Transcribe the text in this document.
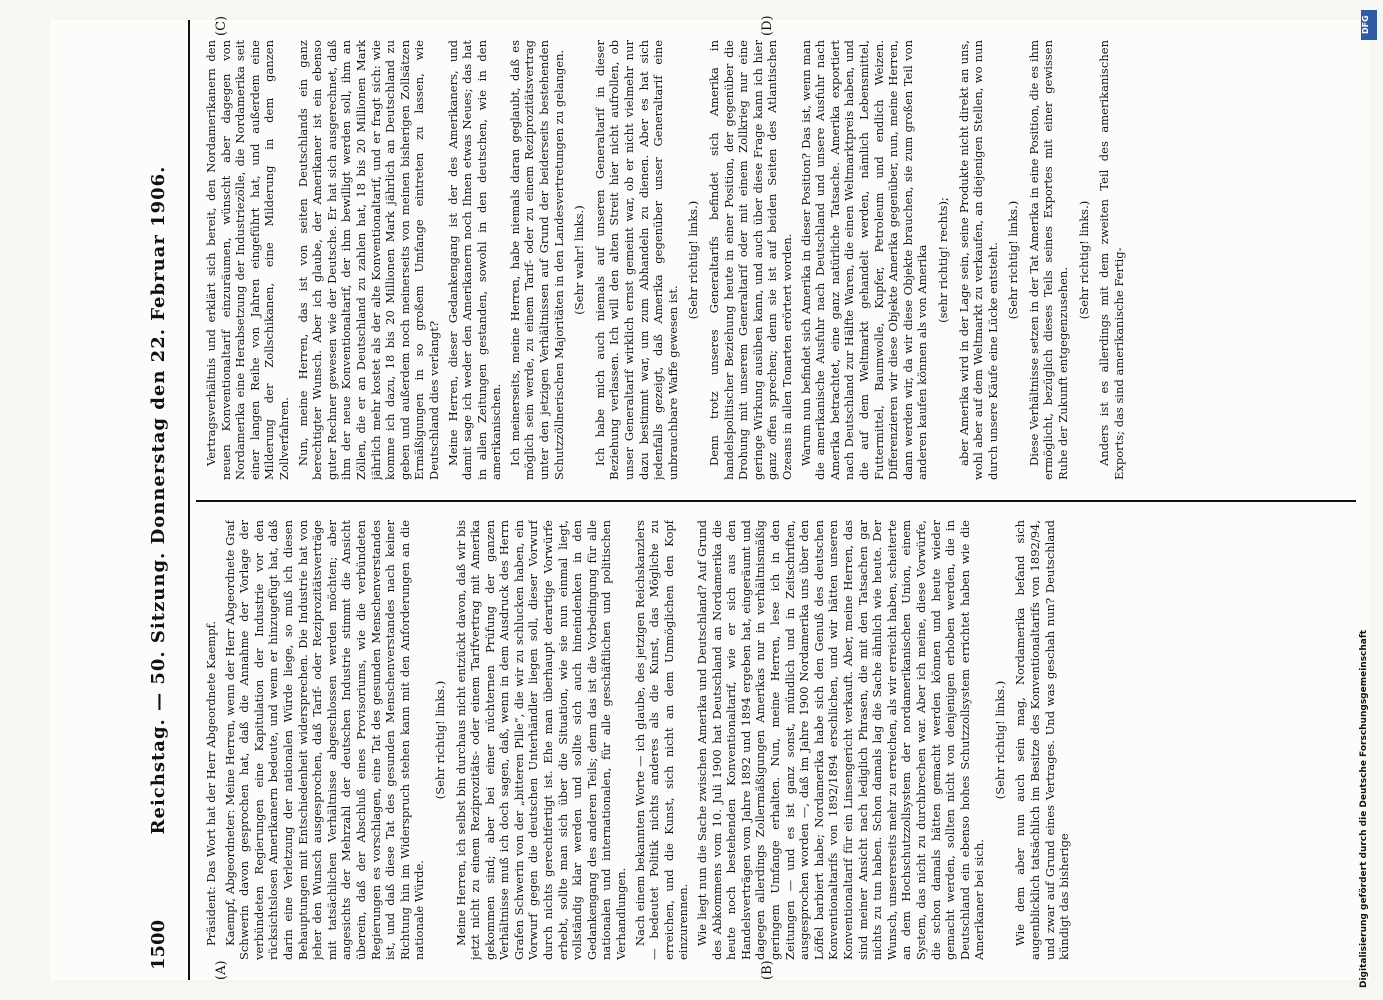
1500
Reichstag. — 50. Sitzung. Donnerstag den 22. Februar 1906.
(A)	(B)
(C)	(D)

Präsident: Das Wort hat der Herr Abgeordnete Kaempf. Kaempf, Abgeordneter: Meine Herren, wenn der Herr Abgeordnete Graf Schwerin davon gesprochen hat, daß die Annahme der Vorlage der verbündeten Regierungen eine Kapitulation der Industrie vor den rücksichtslosen Amerikanern bedeute, und wenn er hinzugefügt hat, daß darin eine Verletzung der nationalen Würde liege, so muß ich diesen Behauptungen mit Entschiedenheit widersprechen. Die Industrie hat von jeher den Wunsch ausgesprochen, daß Tarif- oder Reziprozitätsverträge mit tatsächlichen Verhältnisse abgeschlossen werden möchten; aber angesichts der Mehrzahl der deutschen Industrie stimmt die Ansicht überein, daß der Abschluß eines Provisoriums, wie die verbündeten Regierungen es vorschlagen, eine Tat des gesunden Menschenverstandes ist, und daß diese Tat des gesunden Menschenverstandes nach keiner Richtung hin im Widerspruch stehen kann mit den Anforderungen an die nationale Würde.

(Sehr richtig! links.) Meine Herren, ich selbst bin durchaus nicht entzückt davon, daß wir bis jetzt nicht zu einem Reziprozitäts- oder einem Tarifvertrag mit Amerika gekommen sind; aber bei einer nüchternen Prüfung der ganzen Verhältnisse muß ich doch sagen, daß, wenn in dem Ausdruck des Herrn Grafen Schwerin von der „bitteren Pille“, die wir zu schlucken haben, ein Vorwurf gegen die deutschen Unterhändler liegen soll, dieser Vorwurf durch nichts gerechtfertigt ist. Ehe man überhaupt derartige Vorwürfe erhebt, sollte man sich über die Situation, wie sie nun einmal liegt, vollständig klar werden und sollte sich auch hineindenken in den Gedankengang des anderen Teils; denn das ist die Vorbedingung für alle nationalen und internationalen, für alle geschäftlichen und politischen Verhandlungen. Nach einem bekannten Worte — ich glaube, des jetzigen Reichskanzlers — bedeutet Politik nichts anderes als die Kunst, das Mögliche zu erreichen, und die Kunst, sich nicht an dem Unmöglichen den Kopf einzurennen. Wie liegt nun die Sache zwischen Amerika und Deutschland? Auf Grund des Abkommens vom 10. Juli 1900 hat Deutschland an Nordamerika die heute noch bestehenden Konventionaltarif, wie er sich aus den Handelsverträgen vom Jahre 1892 und 1894 ergeben hat, eingeräumt und dagegen allerdings Zollermäßigungen Amerikas nur in verhältnismäßig geringem Umfange erhalten. Nun, meine Herren, lese ich in den Zeitungen — und es ist ganz sonst, mündlich und in Zeitschriften, ausgesprochen worden —, daß im Jahre 1900 Nordamerika uns über den Löffel barbiert habe; Nordamerika habe sich den Genuß des deutschen Konventionaltarifs von 1892/1894 erschlichen, und wir hätten unseren Konventionaltarif für ein Linsengericht verkauft. Aber, meine Herren, das sind meiner Ansicht nach lediglich Phrasen, die mit den Tatsachen gar nichts zu tun haben. Schon damals lag die Sache ähnlich wie heute. Der Wunsch, unsererseits mehr zu erreichen, als wir erreicht haben, scheiterte an dem Hochschutzzollsystem der nordamerikanischen Union, einem System, das nicht zu durchbrechen war. Aber ich meine, diese Vorwürfe, die schon damals hätten gemacht werden können und heute wieder gemacht werden, sollten nicht von denjenigen erhoben werden, die in Deutschland ein ebenso hohes Schutzzollsystem errichtet haben wie die Amerikaner bei sich.

(Sehr richtig! links.) Wie dem aber nun auch sein mag, Nordamerika befand sich augenblicklich tatsächlich im Besitze des Konventionaltarifs von 1892/94, und zwar auf Grund eines Vertrages. Und was geschah nun? Deutschland kündigt das bisherige

Vertragsverhältnis und erklärt sich bereit, den Nordamerikanern den neuen Konventionaltarif einzuräumen, wünscht aber dagegen von Nordamerika eine Herabsetzung der Industriezölle, die Nordamerika seit einer langen Reihe von Jahren eingeführt hat, und außerdem eine Milderung der Zollschikanen, eine Milderung in dem ganzen Zollverfahren. Nun, meine Herren, das ist von seiten Deutschlands ein ganz berechtigter Wunsch. Aber ich glaube, der Amerikaner ist ein ebenso guter Rechner gewesen wie der Deutsche. Er hat sich ausgerechnet, daß ihm der neue Konventionaltarif, der ihm bewilligt werden soll, ihm an Zöllen, die er an Deutschland zu zahlen hat, 18 bis 20 Millionen Mark jährlich mehr kostet als der alte Konventionaltarif, und er fragt sich: wie komme ich dazu, 18 bis 20 Millionen Mark jährlich an Deutschland zu geben und außerdem noch meinerseits von meinen bisherigen Zollsätzen Ermäßigungen in so großem Umfange eintreten zu lassen, wie Deutschland dies verlangt? Meine Herren, dieser Gedankengang ist der des Amerikaners, und damit sage ich weder den Amerikanern noch Ihnen etwas Neues; das hat in allen Zeitungen gestanden, sowohl in den deutschen, wie in den amerikanischen. Ich meinerseits, meine Herren, habe niemals daran geglaubt, daß es möglich sein werde, zu einem Tarif- oder zu einem Reziprozitätsvertrag unter den jetzigen Verhältnissen auf Grund der beiderseits bestehenden Schutzzöllnerischen Majoritäten in den Landesvertretungen zu gelangen. (Sehr wahr! links.) Ich habe mich auch niemals auf unseren Generaltarif in dieser Beziehung verlassen. Ich will den alten Streit hier nicht aufrollen, ob unser Generaltarif wirklich ernst gemeint war, ob er nicht vielmehr nur dazu bestimmt war, um zum Abhandeln zu dienen. Aber es hat sich jedenfalls gezeigt, daß Amerika gegenüber unser Generaltarif eine unbrauchbare Waffe gewesen ist.

(Sehr richtig! links.) Denn trotz unseres Generaltarifs befindet sich Amerika in handelspolitischer Beziehung heute in einer Position, der gegenüber die Drohung mit unserem Generaltarif oder mit einem Zollkrieg nur eine geringe Wirkung ausüben kann, und auch über diese Frage kann ich hier ganz offen sprechen; denn sie ist auf beiden Seiten des Atlantischen Ozeans in allen Tonarten erörtert worden. Warum nun befindet sich Amerika in dieser Position? Das ist, wenn man die amerikanische Ausfuhr nach Deutschland und unsere Ausfuhr nach Amerika betrachtet, eine ganz natürliche Tatsache. Amerika exportiert nach Deutschland zur Hälfte Waren, die einen Weltmarktpreis haben, und die auf dem Weltmarkt gehandelt werden, nämlich Lebensmittel, Futtermittel, Baumwolle, Kupfer, Petroleum und endlich Weizen. Differenzieren wir diese Objekte Amerika gegenüber, nun, meine Herren, dann werden wir, da wir diese Objekte brauchen, sie zum großen Teil von anderen kaufen können als von Amerika (sehr richtig! rechts); aber Amerika wird in der Lage sein, seine Produkte nicht direkt an uns, wohl aber auf dem Weltmarkt zu verkaufen, an diejenigen Stellen, wo nun durch unsere Käufe eine Lücke entsteht. (Sehr richtig! links.) Diese Verhältnisse setzen in der Tat Amerika in eine Position, die es ihm ermöglicht, bezüglich dieses Teils seines Exportes mit einer gewissen Ruhe der Zukunft entgegenzusehen.

(Sehr richtig! links.) Anders ist es allerdings mit dem zweiten Teil des amerikanischen Exports; das sind amerikanische Fertig-

Digitalisierung gefördert durch die Deutsche Forschungsgemeinschaft
DFG
